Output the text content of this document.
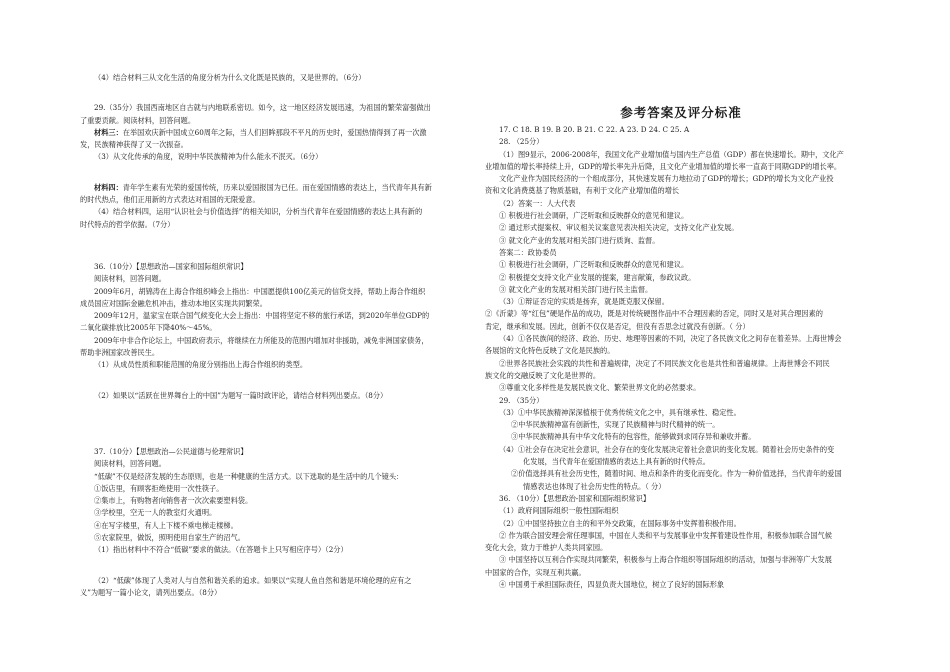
（4）结合材料三从文化生活的角度分析为什么文化既是民族的，又是世界的。（6分）
29.（35分）我国西南地区自古就与内地联系密切。如今，这一地区经济发展迅速，为祖国的繁荣富强做出
了重要贡献。阅读材料，回答问题。
材料三：在举国欢庆新中国成立60周年之际，当人们回眸那段不平凡的历史时，爱国热情得到了再一次激
发，民族精神获得了又一次振奋。
（3）从文化传承的角度，说明中华民族精神为什么能永不泯灭。（6分）
材料四：青年学生素有光荣的爱国传统，历来以爱国报国为已任。而在爱国情感的表达上，当代青年具有新
的时代热点，他们正用新的方式表达对祖国的无限爱意。
（4）结合材料四，运用“认识社会与价值选择”的相关知识，分析当代青年在爱国情感的表达上具有新的
时代特点的哲学依据。（7分）
36.（10分）【思想政治—国家和国际组织常识】
阅读材料，回答问题。
2009年6月，胡锦涛在上海合作组织峰会上指出：中国愿提供100亿美元的信贷支持，帮助上海合作组织
成员国应对国际金融危机冲击，推动本地区实现共同繁荣。
2009年12月，温家宝在联合国气候变化大会上指出：中国将坚定不移的旅行承诺，到2020年单位GDP的
二氧化碳排放比2005年下降40%～45%。
2009年中非合作论坛上，中国政府表示，将继续在力所能及的范围内增加对非援助，减免非洲国家债务，
帮助非洲国家改善民生。
（1）从成员性质和职能范围的角度分别指出上海合作组织的类型。
（2）如果以“活跃在世界舞台上的中国”为题写一篇时政评论，请结合材料列出要点。（8分）
37.（10分）【思想政治—公民道德与伦理常识】
阅读材料，回答问题。
“低碳”不仅是经济发展的生态原则，也是一种健康的生活方式。以下选取的是生活中的几个镜头：
①饭店里，有顾客拒绝使用一次性筷子。
②集市上，有购物者向销售者一次次索要塑料袋。
③学校里，空无一人的教室灯火通明。
④在写字楼里，有人上下楼不乘电梯走楼梯。
⑤农家院里，做饭，照明使用自家生产的沼气。
（1）指出材料中不符合“低碳”要求的做法。（在答题卡上只写相应序号）（2分）
（2）“低碳”体现了人类对人与自然和谐关系的追求。如果以“实现人鱼自然和谐是环境伦理的应有之
义”为题写一篇小论文，请列出要点。（8分）
参考答案及评分标准
17. C 18. B 19. B 20. B 21. C 22. A 23. D 24. C 25. A
28. （25分）
（1）图9显示，2006-2008年，我国文化产业增加值与国内生产总值（GDP）都在快速增长。期中，文化产
业增加值的增长率持续上升，GDP的增长率先升后降，且文化产业增加值的增长率一直高于同期GDP的增长率。
文化产业作为国民经济的一个组成部分，其快速发展有力地拉动了GDP的增长；GDP的增长为文化产业投
资和文化消费奠基了物质基础，有利于文化产业增加值的增长
（2）答案一：人大代表
① 积极进行社会调研，广泛听取和反映群众的意见和建议。
② 通过形式提案权、审议相关议案意见表决相关决定，支持文化产业发展。
③ 就文化产业的发展对相关部门进行质询、监督。
答案二：政协委员
① 积极进行社会调研，广泛听取和反映群众的意见和建议。
② 积极提交支持文化产业发展的提案，建言献策，参政议政。
③ 就文化产业的发展对相关部门进行民主监督。
（3）①辩证否定的实质是扬弃，就是既克服又保留。
②《沂蒙》等“红包”硬是作品的成功，既是对传统硬图作品中不合理因素的否定，同时又是对其合理因素的
肯定，继承和发展。因此，创新不仅仅是否定，但没有否思念过就没有创新。（ 分）
（4）①各民族间的经济、政治、历史、地理等因素的不同，决定了各民族文化之间存在着差异。上海世博会
各展馆的文化特色反映了文化是民族的。
②世界各民族社会实践的共性和普遍规律，决定了不同民族文化也是共性和普遍规律。上海世博会不同民
族文化的交融反映了文化是世界的。
③尊重文化多样性是发展民族文化、繁荣世界文化的必然要求。
29. （35分）
（3）①中华民族精神深深植根于优秀传统文化之中，具有继承性、稳定性。
②中华民族精神富有创新性，实现了民族精神与时代精神的统一。
③中华民族精神具有中华文化特有的包容性，能够做到求同存异和兼收并蓄。
（4）①社会存在决定社会意识，社会存在的变化发展决定着社会意识的变化发展。随着社会历史条件的变
化发展，当代青年在爱国情感的表达上具有新的时代特点。
②价值选择具有社会历史性，随着时间、地点和条件的变化而变化。作为一种价值选择，当代青年的爱国
情感表达也体现了社会历史性的特点。（ 分）
36. （10分）【思想政治-国家和国际组织常识】
（1）政府间国际组织一般性国际组织
（2）①中国坚持独立自主的和平外交政策，在国际事务中发挥着积极作用。
② 作为联合国安理会常任理事国，中国在人类和平与发展事业中发挥着建设性作用，积极参加联合国气候
变化大会，致力于维护人类共同家园。
③ 中国坚持以互利合作实现共同繁荣，积极参与上海合作组织等国际组织的活动，加强与非洲等广大发展
中国家的合作，实现互利共赢。
④ 中国勇于承担国际责任，四显负责大国地位，树立了良好的国际形象
